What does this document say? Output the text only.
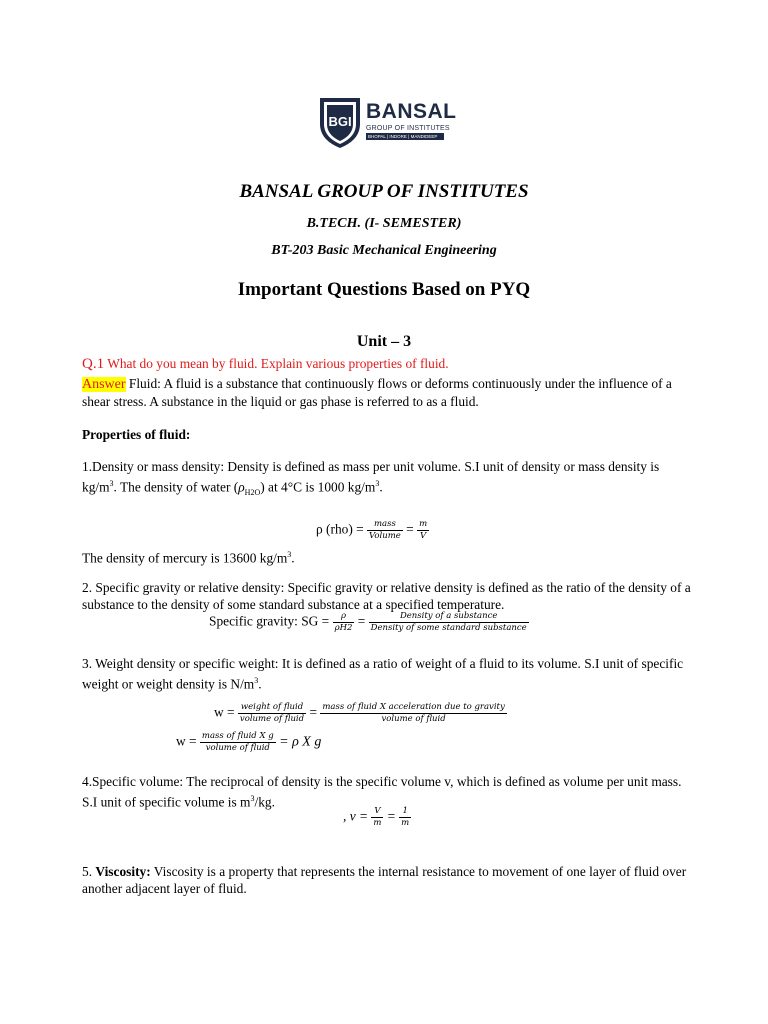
BGI BANSAL
GROUP OF INSTITUTES
BHOPAL | INDORE | MANDIDEEP
BANSAL GROUP OF INSTITUTES
B.TECH. (I- SEMESTER)
BT-203 Basic Mechanical Engineering
Important Questions Based on PYQ
Unit – 3
Q.1 What do you mean by fluid. Explain various properties of fluid.
Answer Fluid: A fluid is a substance that continuously flows or deforms continuously under the influence of a shear stress. A substance in the liquid or gas phase is referred to as a fluid.
Properties of fluid:
1.Density or mass density: Density is defined as mass per unit volume. S.I unit of density or mass density is $kg/m^3$. The density of water $(\rho_{H2O})$ at 4°C is 1000 $kg/m^3$.
ρ $(rho) = \frac{\text{mass}}{\text{Volume}} = \frac{m}{V}$
The density of mercury is 13600 $kg/m^3$.
2. Specific gravity or relative density: Specific gravity or relative density is defined as the ratio of the density of a substance to the density of some standard substance at a specified temperature.
Specific gravity: SG = $\frac{\rho}{\rho H2} = \frac{\text{Density of a substance}}{\text{Density of some standard substance}}$
3. Weight density or specific weight: It is defined as a ratio of weight of a fluid to its volume. S.I unit of specific weight or weight density is $N/m^3$.
$w = \frac{\text{weight of fluid}}{\text{volume of fluid}} = \frac{\text{mass of fluid X acceleration due to gravity}}{\text{volume of fluid}}$
$w = \frac{\text{mass of fluid X g}}{\text{volume of fluid}} = \rho$ X g
4.Specific volume: The reciprocal of density is the specific volume v, which is defined as volume per unit mass. S.I unit of specific volume is $m^3/kg$.
, $v = \frac{V}{m} = \frac{1}{m}$
5. Viscosity: Viscosity is a property that represents the internal resistance to movement of one layer of fluid over another adjacent layer of fluid.
